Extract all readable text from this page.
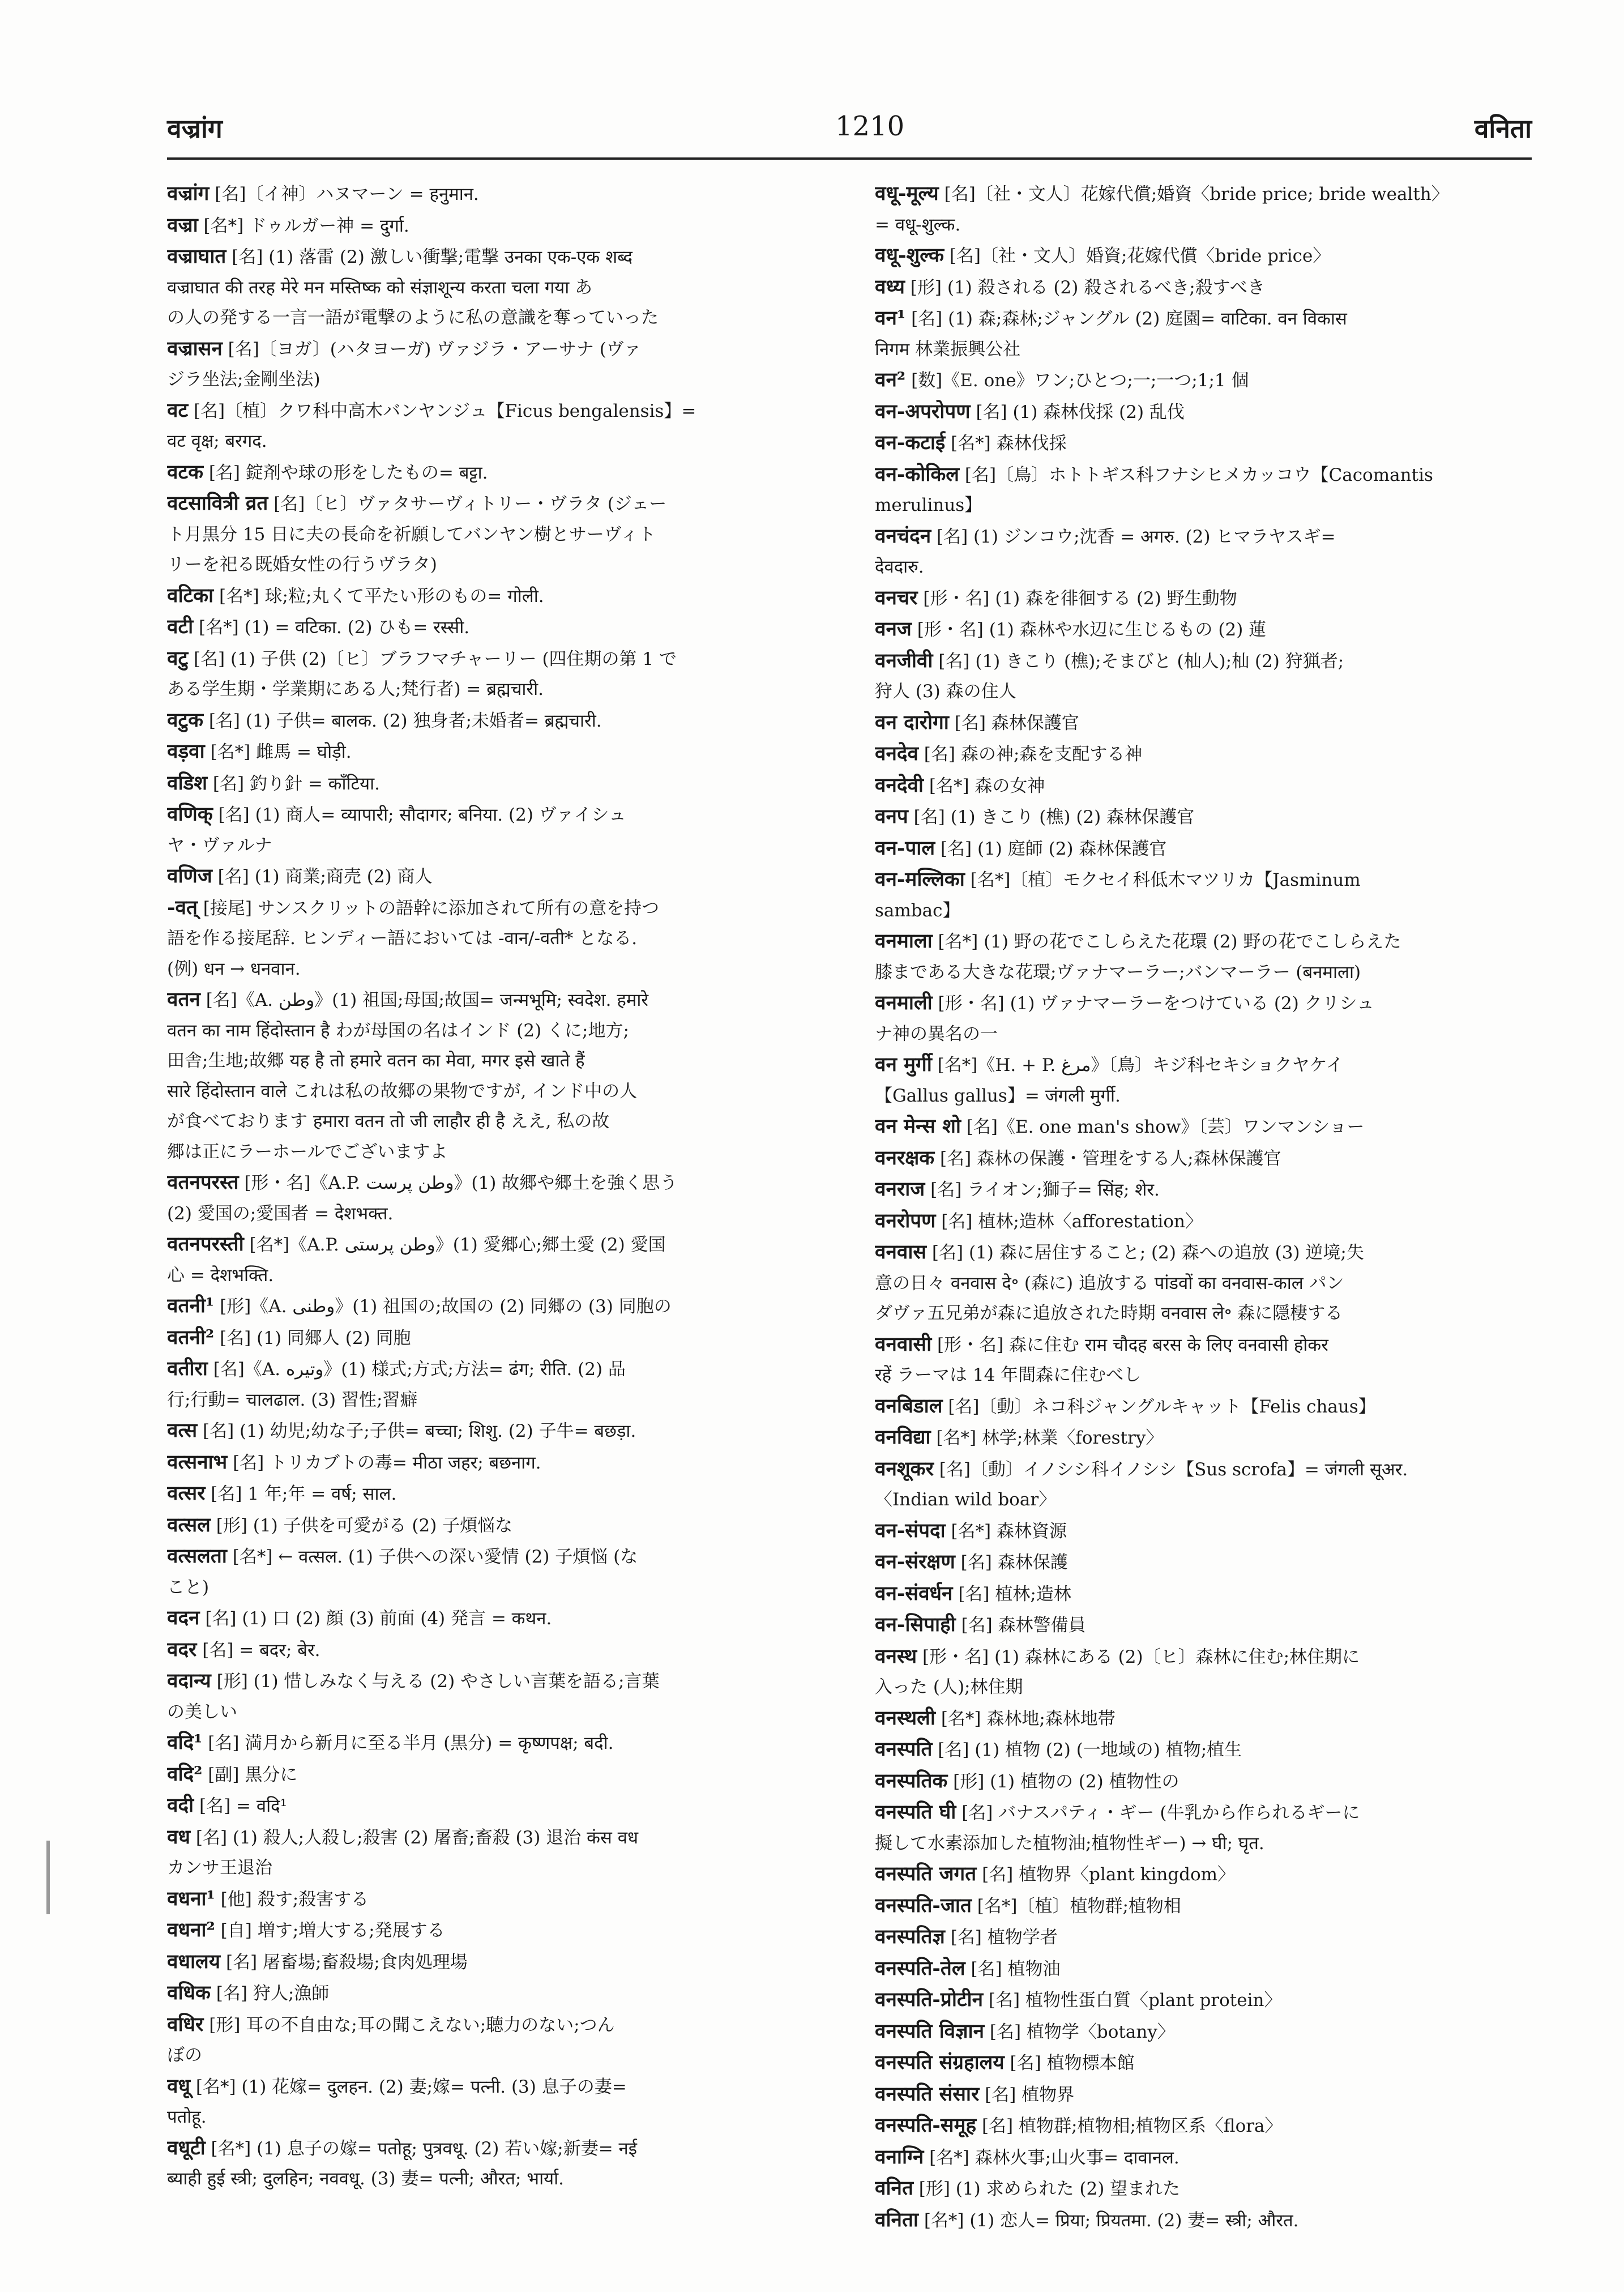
वज्रांग	1210	वनिता
वज्रांग [名]〔イ神〕ハヌマーン = हनुमान.
वज्रा [名*] ドゥルガー神 = दुर्गा.
वज्राघात [名] (1) 落雷 (2) 激しい衝撃;電撃 उनका एक-एक शब्द
वज्राघात की तरह मेरे मन मस्तिष्क को संज्ञाशून्य करता चला गया あ
の人の発する一言一語が電撃のように私の意識を奪っていった
वज्रासन [名]〔ヨガ〕(ハタヨーガ) ヴァジラ・アーサナ (ヴァ
ジラ坐法;金剛坐法)
वट [名]〔植〕クワ科中高木バンヤンジュ【Ficus bengalensis】=
वट वृक्ष; बरगद.
वटक [名] 錠剤や球の形をしたもの= बट्टा.
वटसावित्री व्रत [名]〔ヒ〕ヴァタサーヴィトリー・ヴラタ (ジェー
ト月黒分 15 日に夫の長命を祈願してバンヤン樹とサーヴィト
リーを祀る既婚女性の行うヴラタ)
वटिका [名*] 球;粒;丸くて平たい形のもの= गोली.
वटी [名*] (1) = वटिका. (2) ひも= रस्सी.
वटु [名] (1) 子供 (2)〔ヒ〕ブラフマチャーリー (四住期の第 1 で
ある学生期・学業期にある人;梵行者) = ब्रह्मचारी.
वटुक [名] (1) 子供= बालक. (2) 独身者;未婚者= ब्रह्मचारी.
वड़वा [名*] 雌馬 = घोड़ी.
वडिश [名] 釣り針 = काँटिया.
वणिक् [名] (1) 商人= व्यापारी; सौदागर; बनिया. (2) ヴァイシュ
ヤ・ヴァルナ
वणिज [名] (1) 商業;商売 (2) 商人
-वत् [接尾] サンスクリットの語幹に添加されて所有の意を持つ
語を作る接尾辞. ヒンディー語においては -वान/-वती* となる.
(例) धन → धनवान.
वतन [名]《A. وطن》(1) 祖国;母国;故国= जन्मभूमि; स्वदेश. हमारे
वतन का नाम हिंदोस्तान है わが母国の名はインド (2) くに;地方;
田舎;生地;故郷 यह है तो हमारे वतन का मेवा, मगर इसे खाते हैं
सारे हिंदोस्तान वाले これは私の故郷の果物ですが, インド中の人
が食べております हमारा वतन तो जी लाहौर ही है ええ, 私の故
郷は正にラーホールでございますよ
वतनपरस्त [形・名]《A.P. وطن پرست》(1) 故郷や郷土を強く思う
(2) 愛国の;愛国者 = देशभक्त.
वतनपरस्ती [名*]《A.P. وطن پرستی》(1) 愛郷心;郷土愛 (2) 愛国
心 = देशभक्ति.
वतनी¹ [形]《A. وطنی》(1) 祖国の;故国の (2) 同郷の (3) 同胞の
वतनी² [名] (1) 同郷人 (2) 同胞
वतीरा [名]《A. وتیره》(1) 様式;方式;方法= ढंग; रीति. (2) 品
行;行動= चालढाल. (3) 習性;習癖
वत्स [名] (1) 幼児;幼な子;子供= बच्चा; शिशु. (2) 子牛= बछड़ा.
वत्सनाभ [名] トリカブトの毒= मीठा जहर; बछनाग.
वत्सर [名] 1 年;年 = वर्ष; साल.
वत्सल [形] (1) 子供を可愛がる (2) 子煩悩な
वत्सलता [名*] ← वत्सल. (1) 子供への深い愛情 (2) 子煩悩 (な
こと)
वदन [名] (1) 口 (2) 顔 (3) 前面 (4) 発言 = कथन.
वदर [名] = बदर; बेर.
वदान्य [形] (1) 惜しみなく与える (2) やさしい言葉を語る;言葉
の美しい
वदि¹ [名] 満月から新月に至る半月 (黒分) = कृष्णपक्ष; बदी.
वदि² [副] 黒分に
वदी [名] = वदि¹
वध [名] (1) 殺人;人殺し;殺害 (2) 屠畜;畜殺 (3) 退治 कंस वध
カンサ王退治
वधना¹ [他] 殺す;殺害する
वधना² [自] 増す;増大する;発展する
वधालय [名] 屠畜場;畜殺場;食肉処理場
वधिक [名] 狩人;漁師
वधिर [形] 耳の不自由な;耳の聞こえない;聴力のない;つん
ぼの
वधू [名*] (1) 花嫁= दुलहन. (2) 妻;嫁= पत्नी. (3) 息子の妻=
पतोहू.
वधूटी [名*] (1) 息子の嫁= पतोहू; पुत्रवधू. (2) 若い嫁;新妻= नई
ब्याही हुई स्त्री; दुलहिन; नववधू. (3) 妻= पत्नी; औरत; भार्या.
वधू-मूल्य [名]〔社・文人〕花嫁代償;婚資〈bride price; bride wealth〉
= वधू-शुल्क.
वधू-शुल्क [名]〔社・文人〕婚資;花嫁代償〈bride price〉
वध्य [形] (1) 殺される (2) 殺されるべき;殺すべき
वन¹ [名] (1) 森;森林;ジャングル (2) 庭園= वाटिका. वन विकास
निगम 林業振興公社
वन² [数]《E. one》ワン;ひとつ;一;一つ;1;1 個
वन-अपरोपण [名] (1) 森林伐採 (2) 乱伐
वन-कटाई [名*] 森林伐採
वन-कोकिल [名]〔鳥〕ホトトギス科フナシヒメカッコウ【Cacomantis
merulinus】
वनचंदन [名] (1) ジンコウ;沈香 = अगरु. (2) ヒマラヤスギ=
देवदारु.
वनचर [形・名] (1) 森を徘徊する (2) 野生動物
वनज [形・名] (1) 森林や水辺に生じるもの (2) 蓮
वनजीवी [名] (1) きこり (樵);そまびと (杣人);杣 (2) 狩猟者;
狩人 (3) 森の住人
वन दारोगा [名] 森林保護官
वनदेव [名] 森の神;森を支配する神
वनदेवी [名*] 森の女神
वनप [名] (1) きこり (樵) (2) 森林保護官
वन-पाल [名] (1) 庭師 (2) 森林保護官
वन-मल्लिका [名*]〔植〕モクセイ科低木マツリカ【Jasminum
sambac】
वनमाला [名*] (1) 野の花でこしらえた花環 (2) 野の花でこしらえた
膝まである大きな花環;ヴァナマーラー;バンマーラー (बनमाला)
वनमाली [形・名] (1) ヴァナマーラーをつけている (2) クリシュ
ナ神の異名の一
वन मुर्गी [名*]《H. + P. مرغ》〔鳥〕キジ科セキショクヤケイ
【Gallus gallus】= जंगली मुर्गी.
वन मेन्स शो [名]《E. one man's show》〔芸〕ワンマンショー
वनरक्षक [名] 森林の保護・管理をする人;森林保護官
वनराज [名] ライオン;獅子= सिंह; शेर.
वनरोपण [名] 植林;造林〈afforestation〉
वनवास [名] (1) 森に居住すること; (2) 森への追放 (3) 逆境;失
意の日々 वनवास दे॰ (森に) 追放する पांडवों का वनवास-काल パン
ダヴァ五兄弟が森に追放された時期 वनवास ले॰ 森に隠棲する
वनवासी [形・名] 森に住む राम चौदह बरस के लिए वनवासी होकर
रहें ラーマは 14 年間森に住むべし
वनबिडाल [名]〔動〕ネコ科ジャングルキャット【Felis chaus】
वनविद्या [名*] 林学;林業〈forestry〉
वनशूकर [名]〔動〕イノシシ科イノシシ【Sus scrofa】= जंगली सूअर.
〈Indian wild boar〉
वन-संपदा [名*] 森林資源
वन-संरक्षण [名] 森林保護
वन-संवर्धन [名] 植林;造林
वन-सिपाही [名] 森林警備員
वनस्थ [形・名] (1) 森林にある (2)〔ヒ〕森林に住む;林住期に
入った (人);林住期
वनस्थली [名*] 森林地;森林地帯
वनस्पति [名] (1) 植物 (2) (一地域の) 植物;植生
वनस्पतिक [形] (1) 植物の (2) 植物性の
वनस्पति घी [名] バナスパティ・ギー (牛乳から作られるギーに
擬して水素添加した植物油;植物性ギー) → घी; घृत.
वनस्पति जगत [名] 植物界〈plant kingdom〉
वनस्पति-जात [名*]〔植〕植物群;植物相
वनस्पतिज्ञ [名] 植物学者
वनस्पति-तेल [名] 植物油
वनस्पति-प्रोटीन [名] 植物性蛋白質〈plant protein〉
वनस्पति विज्ञान [名] 植物学〈botany〉
वनस्पति संग्रहालय [名] 植物標本館
वनस्पति संसार [名] 植物界
वनस्पति-समूह [名] 植物群;植物相;植物区系〈flora〉
वनाग्नि [名*] 森林火事;山火事= दावानल.
वनित [形] (1) 求められた (2) 望まれた
वनिता [名*] (1) 恋人= प्रिया; प्रियतमा. (2) 妻= स्त्री; औरत.
